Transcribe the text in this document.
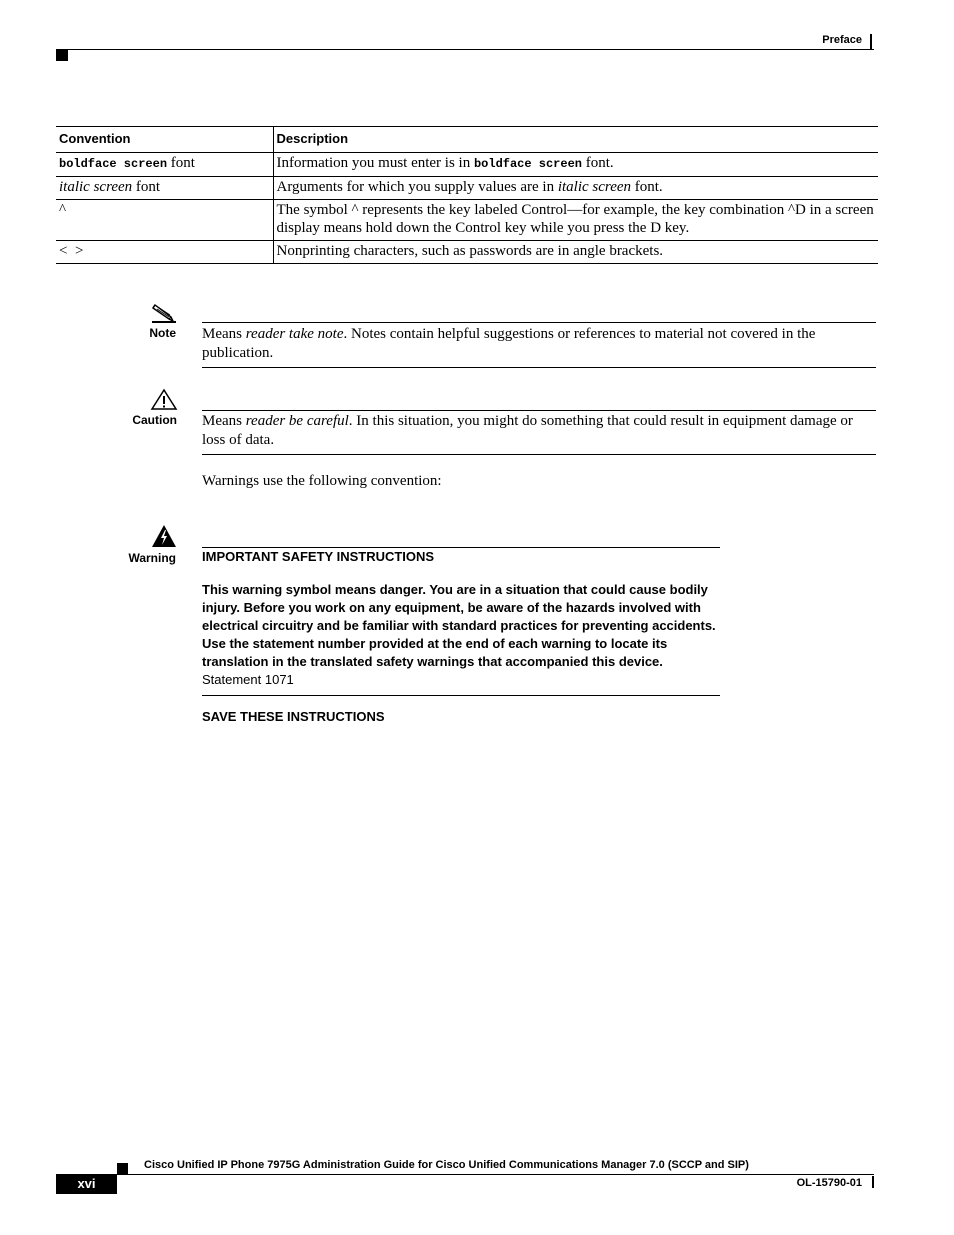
Preface
Convention	Description
boldface screen font	Information you must enter is in boldface screen font.
italic screen font	Arguments for which you supply values are in italic screen font.
^	The symbol ^ represents the key labeled Control—for example, the key combination ^D in a screen display means hold down the Control key while you press the D key.
<  >	Nonprinting characters, such as passwords are in angle brackets.
Note Means reader take note. Notes contain helpful suggestions or references to material not covered in the publication.
Caution Means reader be careful. In this situation, you might do something that could result in equipment damage or loss of data.
Warnings use the following convention:
Warning IMPORTANT SAFETY INSTRUCTIONS
This warning symbol means danger. You are in a situation that could cause bodily injury. Before you work on any equipment, be aware of the hazards involved with electrical circuitry and be familiar with standard practices for preventing accidents. Use the statement number provided at the end of each warning to locate its translation in the translated safety warnings that accompanied this device. Statement 1071
SAVE THESE INSTRUCTIONS
Cisco Unified IP Phone 7975G Administration Guide for Cisco Unified Communications Manager 7.0 (SCCP and SIP)
xvi	OL-15790-01
